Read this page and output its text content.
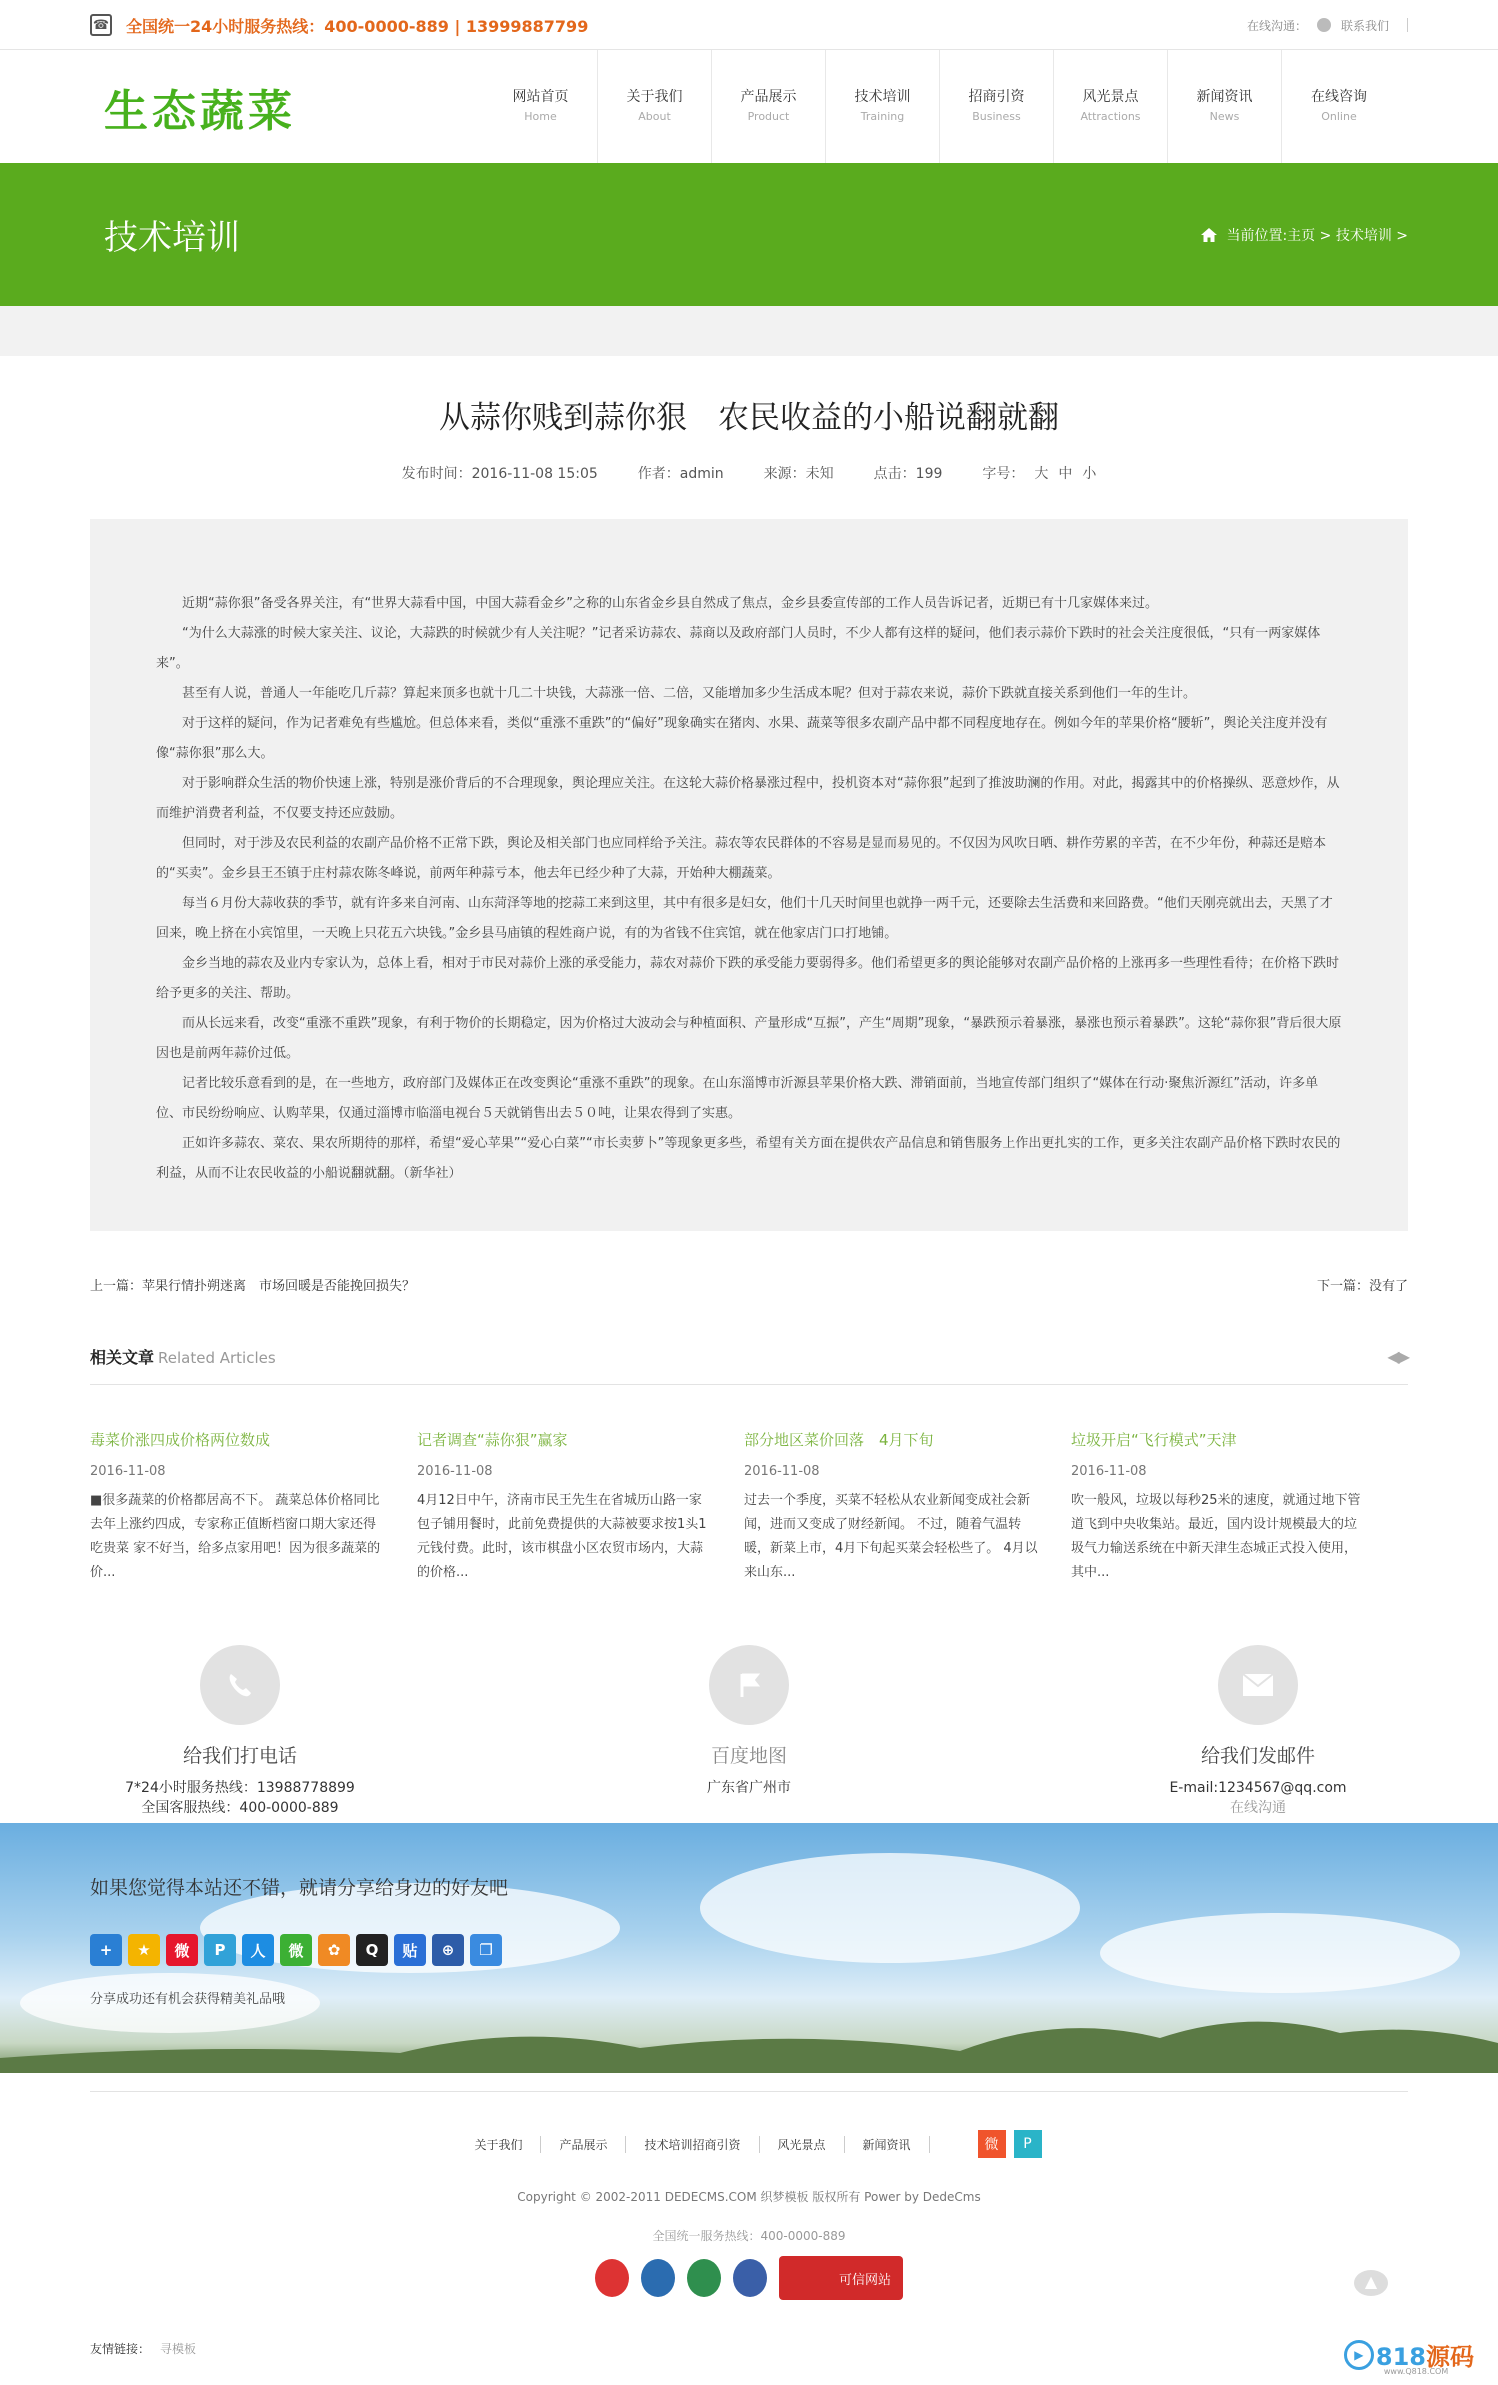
☎ 全国统一24小时服务热线：400-0000-889 | 13999887799	在线沟通：	联系我们
生态蔬菜	网站首页
Home
关于我们
About
产品展示
Product
技术培训
Training
招商引资
Business
风光景点
Attractions
新闻资讯
News
在线咨询
Online
技术培训	当前位置:主页 > 技术培训 >
从蒜你贱到蒜你狠　农民收益的小船说翻就翻
发布时间：2016-11-08 15:05	作者：admin	来源：未知	点击：199	字号： 大 中 小

近期“蒜你狠”备受各界关注，有“世界大蒜看中国，中国大蒜看金乡”之称的山东省金乡县自然成了焦点，金乡县委宣传部的工作人员告诉记者，近期已有十几家媒体来过。

“为什么大蒜涨的时候大家关注、议论，大蒜跌的时候就少有人关注呢？”记者采访蒜农、蒜商以及政府部门人员时，不少人都有这样的疑问，他们表示蒜价下跌时的社会关注度很低，“只有一两家媒体来”。

甚至有人说，普通人一年能吃几斤蒜？算起来顶多也就十几二十块钱，大蒜涨一倍、二倍，又能增加多少生活成本呢？但对于蒜农来说，蒜价下跌就直接关系到他们一年的生计。

对于这样的疑问，作为记者难免有些尴尬。但总体来看，类似“重涨不重跌”的“偏好”现象确实在猪肉、水果、蔬菜等很多农副产品中都不同程度地存在。例如今年的苹果价格“腰斩”，舆论关注度并没有像“蒜你狠”那么大。

对于影响群众生活的物价快速上涨，特别是涨价背后的不合理现象，舆论理应关注。在这轮大蒜价格暴涨过程中，投机资本对“蒜你狠”起到了推波助澜的作用。对此，揭露其中的价格操纵、恶意炒作，从而维护消费者利益，不仅要支持还应鼓励。

但同时，对于涉及农民利益的农副产品价格不正常下跌，舆论及相关部门也应同样给予关注。蒜农等农民群体的不容易是显而易见的。不仅因为风吹日晒、耕作劳累的辛苦，在不少年份，种蒜还是赔本的“买卖”。金乡县王丕镇于庄村蒜农陈冬峰说，前两年种蒜亏本，他去年已经少种了大蒜，开始种大棚蔬菜。

每当６月份大蒜收获的季节，就有许多来自河南、山东菏泽等地的挖蒜工来到这里，其中有很多是妇女，他们十几天时间里也就挣一两千元，还要除去生活费和来回路费。“他们天刚亮就出去，天黑了才回来，晚上挤在小宾馆里，一天晚上只花五六块钱。”金乡县马庙镇的程姓商户说，有的为省钱不住宾馆，就在他家店门口打地铺。

金乡当地的蒜农及业内专家认为，总体上看，相对于市民对蒜价上涨的承受能力，蒜农对蒜价下跌的承受能力要弱得多。他们希望更多的舆论能够对农副产品价格的上涨再多一些理性看待；在价格下跌时给予更多的关注、帮助。

而从长远来看，改变“重涨不重跌”现象，有利于物价的长期稳定，因为价格过大波动会与种植面积、产量形成“互振”，产生“周期”现象，“暴跌预示着暴涨，暴涨也预示着暴跌”。这轮“蒜你狠”背后很大原因也是前两年蒜价过低。

记者比较乐意看到的是，在一些地方，政府部门及媒体正在改变舆论“重涨不重跌”的现象。在山东淄博市沂源县苹果价格大跌、滞销面前，当地宣传部门组织了“媒体在行动·聚焦沂源红”活动，许多单位、市民纷纷响应、认购苹果，仅通过淄博市临淄电视台５天就销售出去５０吨，让果农得到了实惠。

正如许多蒜农、菜农、果农所期待的那样，希望“爱心苹果”“爱心白菜”“市长卖萝卜”等现象更多些，希望有关方面在提供农产品信息和销售服务上作出更扎实的工作，更多关注农副产品价格下跌时农民的利益，从而不让农民收益的小船说翻就翻。（新华社）

上一篇：苹果行情扑朔迷离　市场回暖是否能挽回损失？	下一篇：没有了
相关文章 Related Articles	◀▶
毒菜价涨四成价格两位数成
2016-11-08
■很多蔬菜的价格都居高不下。 蔬菜总体价格同比去年上涨约四成，专家称正值断档窗口期大家还得吃贵菜 家不好当，给多点家用吧！因为很多蔬菜的价...
记者调查“蒜你狠”赢家
2016-11-08
4月12日中午，济南市民王先生在省城历山路一家包子铺用餐时，此前免费提供的大蒜被要求按1头1元钱付费。此时，该市棋盘小区农贸市场内，大蒜的价格...
部分地区菜价回落　4月下旬
2016-11-08
过去一个季度，买菜不轻松从农业新闻变成社会新闻，进而又变成了财经新闻。 不过，随着气温转暖，新菜上市，4月下旬起买菜会轻松些了。 4月以来山东...
垃圾开启“飞行模式”天津
2016-11-08
吹一般风，垃圾以每秒25米的速度，就通过地下管道飞到中央收集站。最近，国内设计规模最大的垃圾气力输送系统在中新天津生态城正式投入使用，其中...
给我们打电话
7*24小时服务热线：13988778899
全国客服热线：400-0000-889
百度地图
广东省广州市
给我们发邮件
E-mail:1234567@qq.com
在线沟通
如果您觉得本站还不错，就请分享给身边的好友吧
+	★	微	P	人	微	✿	Q	贴	⊕	❐
分享成功还有机会获得精美礼品哦
关于我们	产品展示	技术培训招商引资	风光景点	新闻资讯	微	P
Copyright © 2002-2011 DEDECMS.COM 织梦模板 版权所有 Power by DedeCms
全国统一服务热线：400-0000-889
可信网站	▲
友情链接： 寻模板	▶ 818源码
www.Q818.COM
